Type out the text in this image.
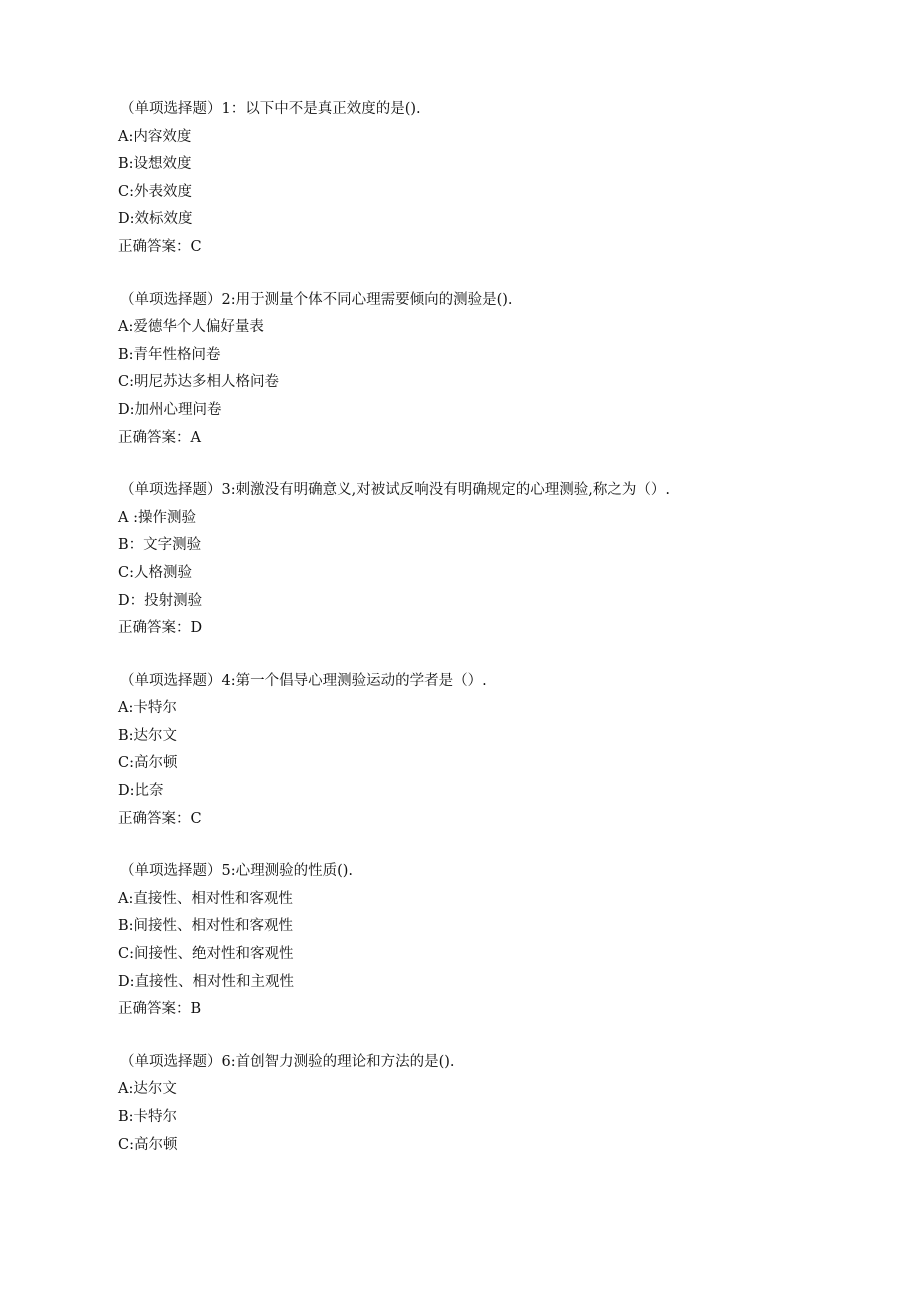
（单项选择题）1：以下中不是真正效度的是().
A:内容效度
B:设想效度
C:外表效度
D:效标效度
正确答案：C
（单项选择题）2:用于测量个体不同心理需要倾向的测验是().
A:爱德华个人偏好量表
B:青年性格问卷
C:明尼苏达多相人格问卷
D:加州心理问卷
正确答案：A
（单项选择题）3:刺激没有明确意义,对被试反响没有明确规定的心理测验,称之为（）.
A :操作测验
B：文字测验
C:人格测验
D：投射测验
正确答案：D
（单项选择题）4:第一个倡导心理测验运动的学者是（）.
A:卡特尔
B:达尔文
C:高尔顿
D:比奈
正确答案：C
（单项选择题）5:心理测验的性质().
A:直接性、相对性和客观性
B:间接性、相对性和客观性
C:间接性、绝对性和客观性
D:直接性、相对性和主观性
正确答案：B
（单项选择题）6:首创智力测验的理论和方法的是().
A:达尔文
B:卡特尔
C:高尔顿
